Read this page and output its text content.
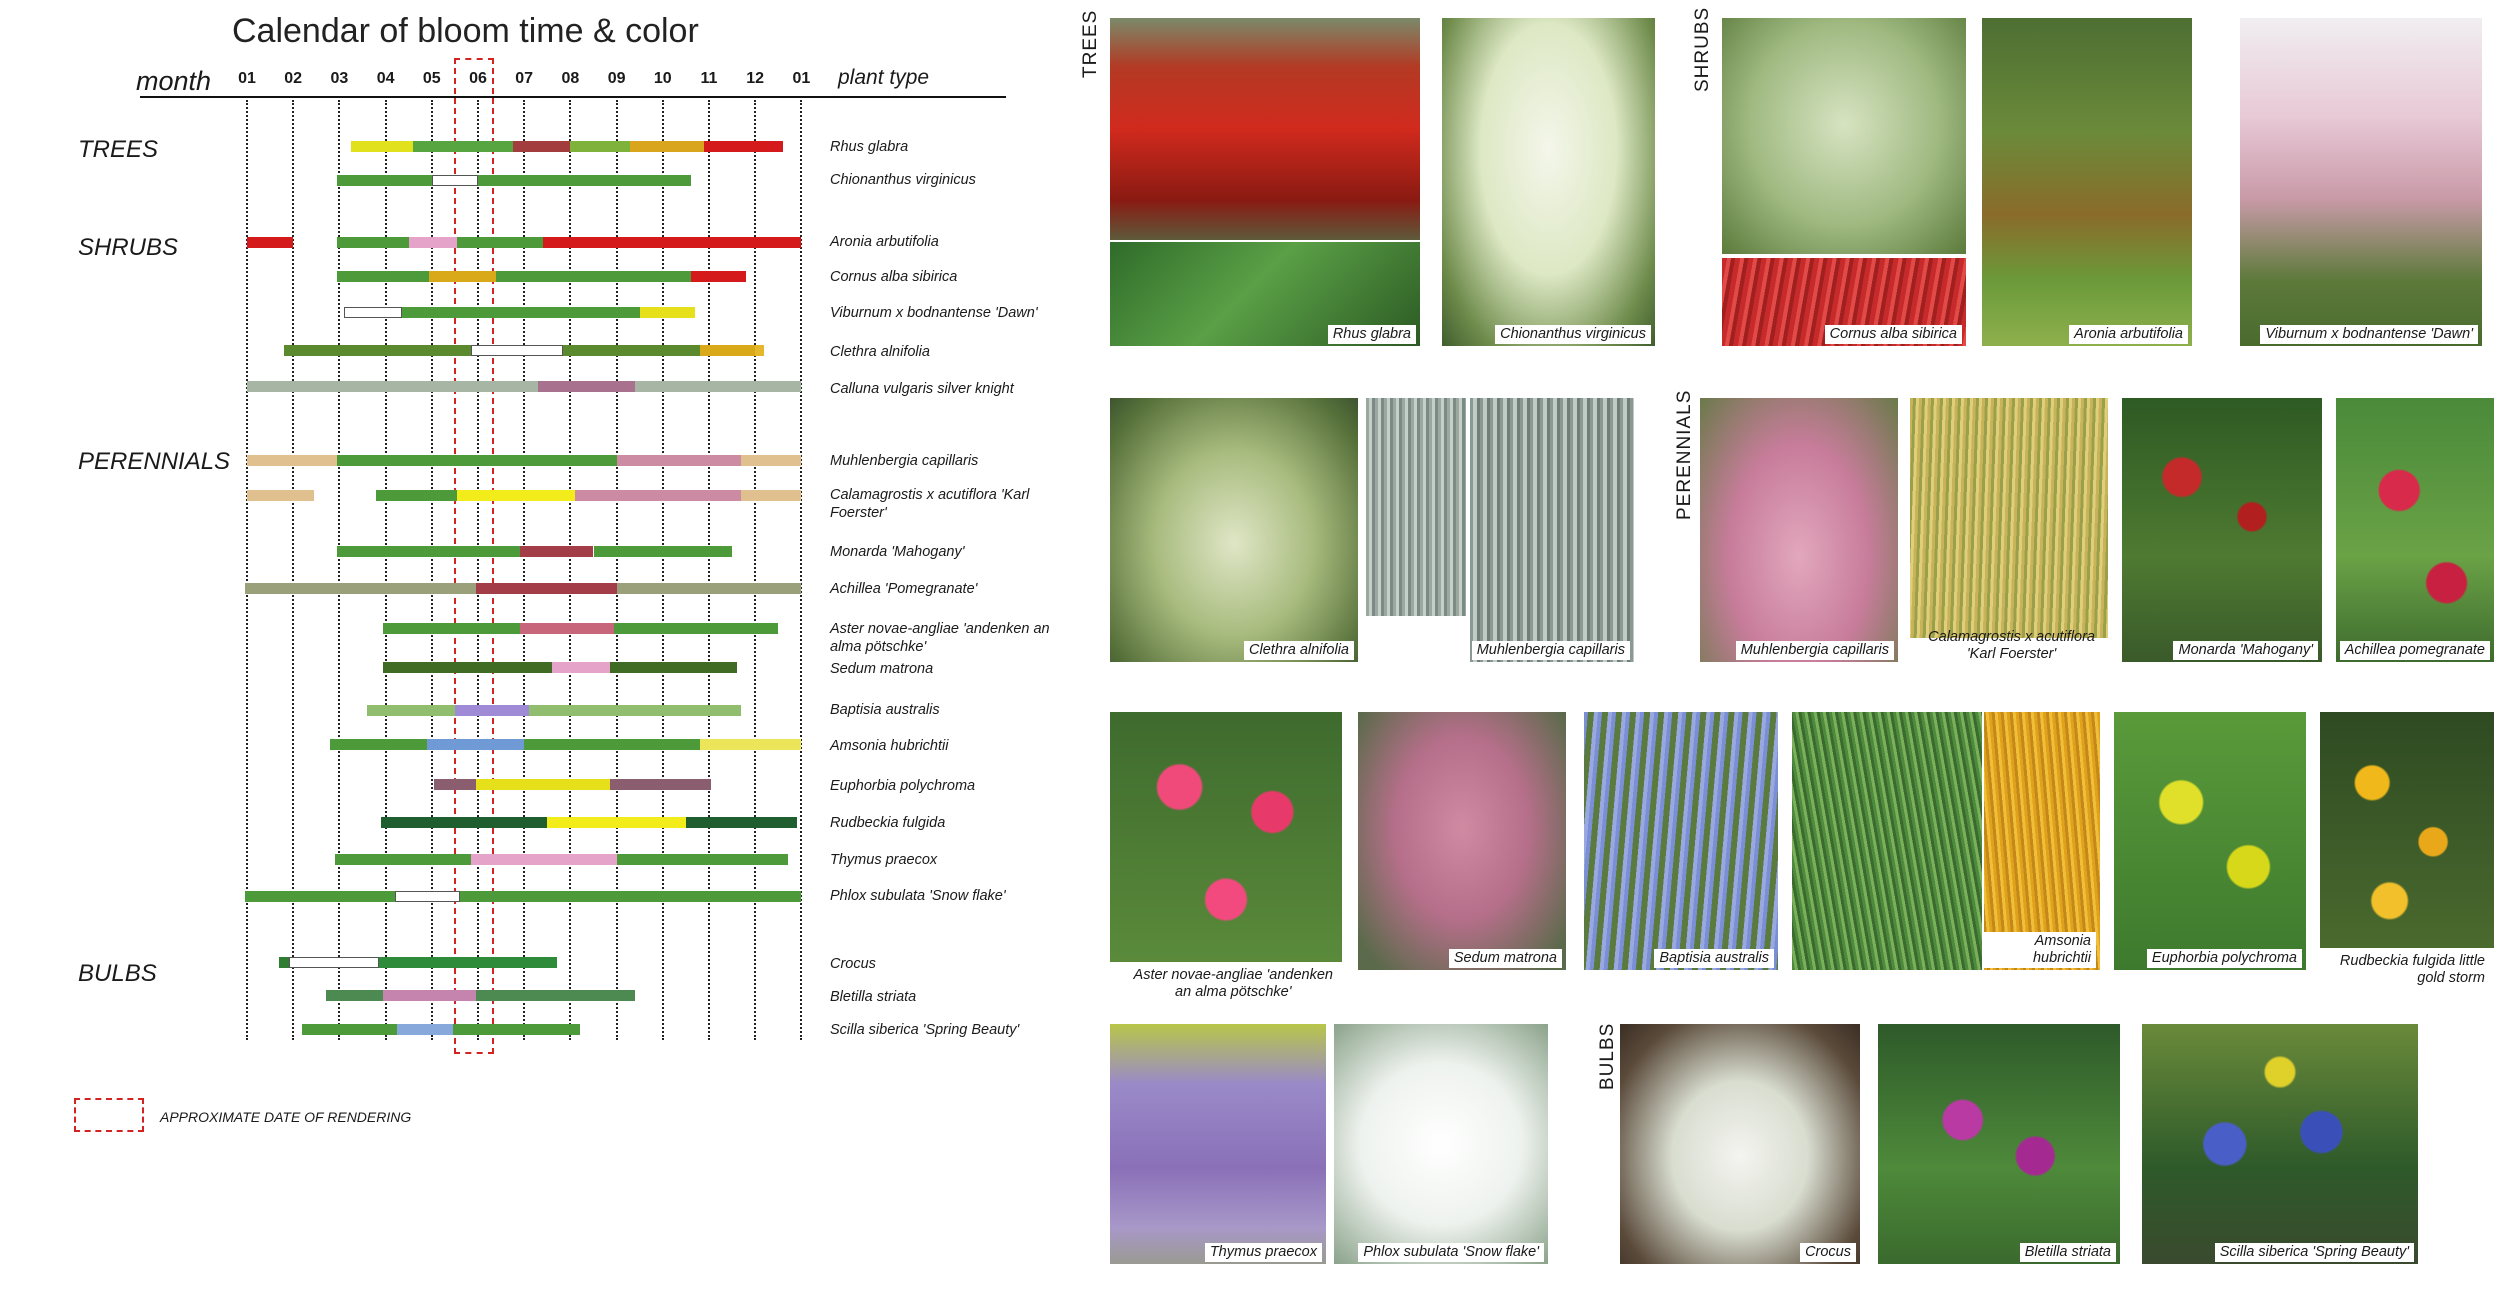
Calendar of bloom time & color
month	plant type
01	02	03	04	05	06	07	08	09	10	11	12	01
TREES
SHRUBS
PERENNIALS
BULBS
Rhus glabra
Chionanthus virginicus
Aronia arbutifolia
Cornus alba sibirica
Viburnum x bodnantense 'Dawn'
Clethra alnifolia
Calluna vulgaris silver knight
Muhlenbergia capillaris
Calamagrostis x acutiflora 'Karl Foerster'
Monarda 'Mahogany'
Achillea 'Pomegranate'
Aster novae-angliae 'andenken an alma pötschke'
Sedum matrona
Baptisia australis
Amsonia hubrichtii
Euphorbia polychroma
Rudbeckia fulgida
Thymus praecox
Phlox subulata 'Snow flake'
Crocus
Bletilla striata
Scilla siberica 'Spring Beauty'
APPROXIMATE DATE OF RENDERING
TREES	SHRUBS
PERENNIALS
BULBS
Rhus glabra	Chionanthus virginicus	Cornus alba sibirica	Aronia arbutifolia	Viburnum x bodnantense 'Dawn'
Clethra alnifolia	Muhlenbergia capillaris	Muhlenbergia capillaris
Calamagrostis x acutiflora
'Karl Foerster'	Monarda 'Mahogany'	Achillea pomegranate
Aster novae-angliae 'andenken
an alma pötschke'
Sedum matrona	Baptisia australis
Amsonia hubrichtii	Euphorbia polychroma	Rudbeckia fulgida little
gold storm
Thymus praecox	Phlox subulata 'Snow flake'	Crocus	Bletilla striata	Scilla siberica 'Spring Beauty'
